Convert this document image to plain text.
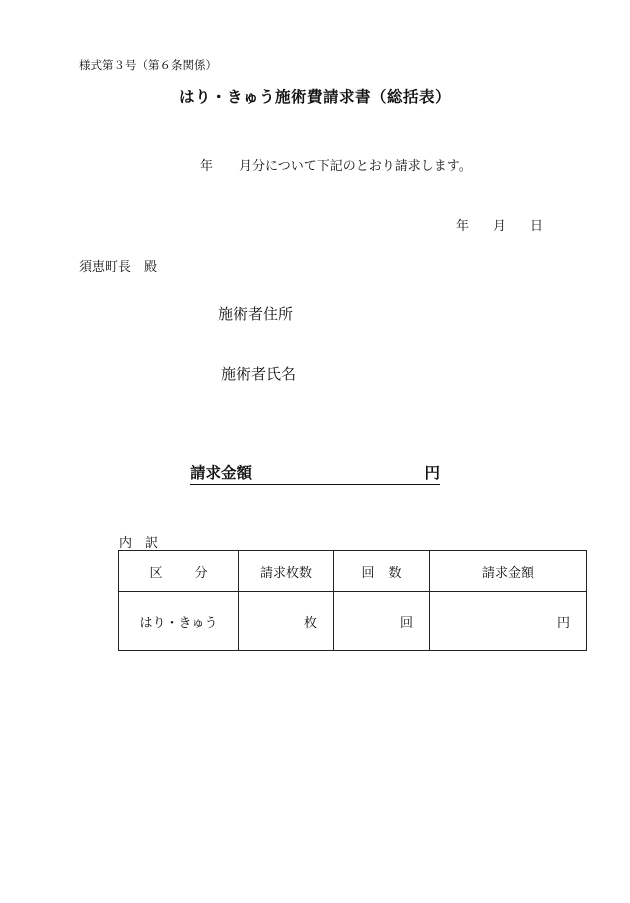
様式第３号（第６条関係）
はり・きゅう施術費請求書（総括表）
年 月分について下記のとおり請求します。
年 月 日
須恵町長 殿
施術者住所
施術者氏名
請求金額	円
内 訳
区 分	請求枚数	回 数	請求金額
はり・きゅう	枚	回	円
